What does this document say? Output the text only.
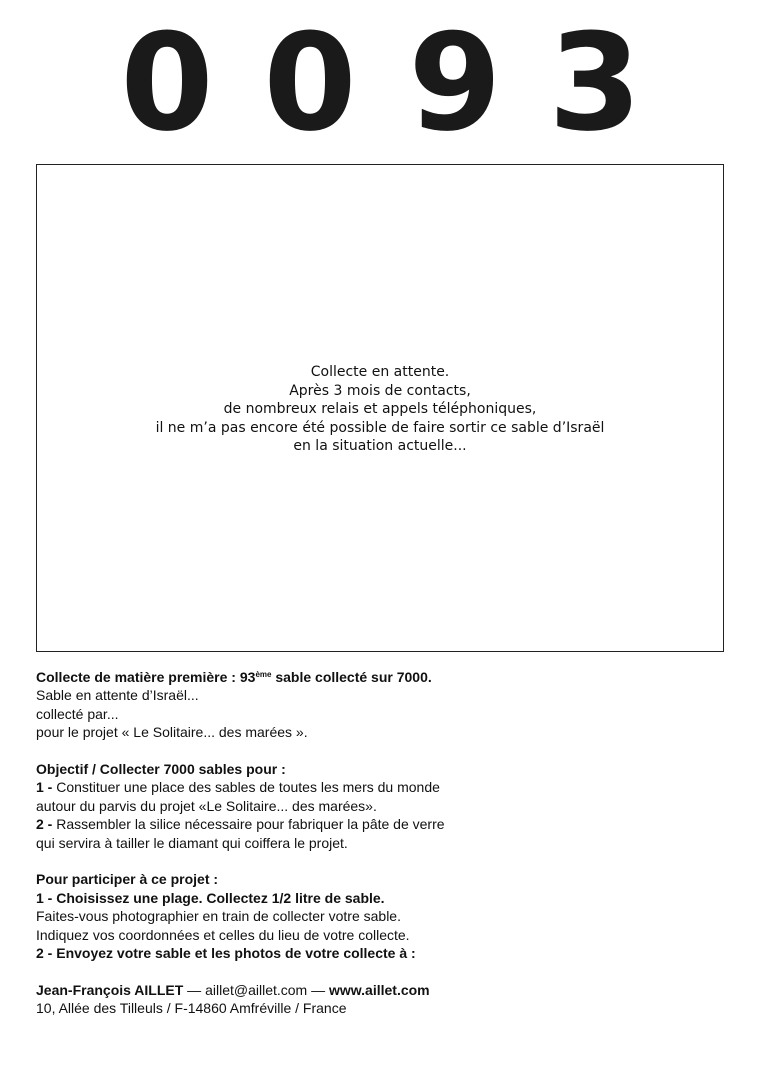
0 0 9 3
Collecte en attente.
Après 3 mois de contacts,
de nombreux relais et appels téléphoniques,
il ne m’a pas encore été possible de faire sortir ce sable d’Israël
en la situation actuelle...
Collecte de matière première : 93ème sable collecté sur 7000.
Sable en attente d’Israël...
collecté par...
pour le projet « Le Solitaire... des marées ».
Objectif / Collecter 7000 sables pour :
1 - Constituer une place des sables de toutes les mers du monde
autour du parvis du projet «Le Solitaire... des marées».
2 - Rassembler la silice nécessaire pour fabriquer la pâte de verre
qui servira à tailler le diamant qui coiffera le projet.
Pour participer à ce projet :
1 - Choisissez une plage. Collectez 1/2 litre de sable.
Faites-vous photographier en train de collecter votre sable.
Indiquez vos coordonnées et celles du lieu de votre collecte.
2 - Envoyez votre sable et les photos de votre collecte à :
Jean-François AILLET — aillet@aillet.com — www.aillet.com
10, Allée des Tilleuls / F-14860 Amfréville / France
